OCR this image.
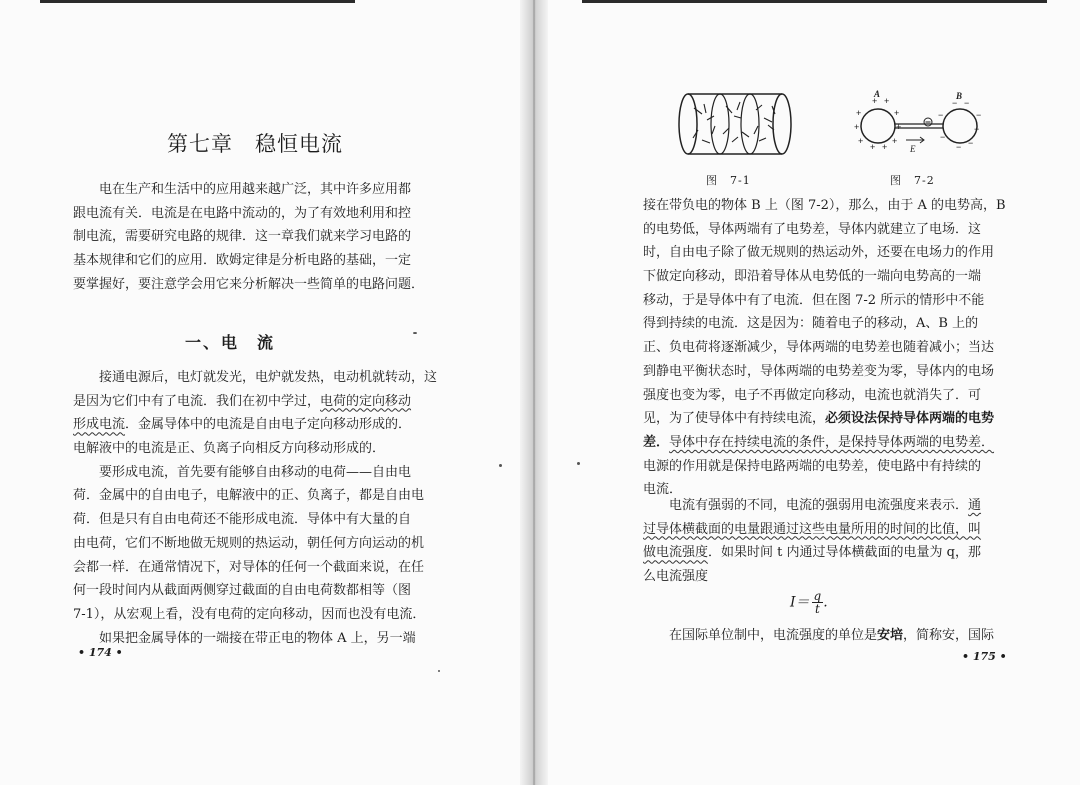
第七章　稳恒电流

电在生产和生活中的应用越来越广泛，其中许多应用都

跟电流有关．电流是在电路中流动的，为了有效地利用和控

制电流，需要研究电路的规律．这一章我们就来学习电路的

基本规律和它们的应用．欧姆定律是分析电路的基础，一定

要掌握好，要注意学会用它来分析解决一些简单的电路问题．

一、电　流

接通电源后，电灯就发光，电炉就发热，电动机就转动，这

是因为它们中有了电流．我们在初中学过，电荷的定向移动

形成电流．金属导体中的电流是自由电子定向移动形成的．

电解液中的电流是正、负离子向相反方向移动形成的．

要形成电流，首先要有能够自由移动的电荷——自由电

荷．金属中的自由电子，电解液中的正、负离子，都是自由电

荷．但是只有自由电荷还不能形成电流．导体中有大量的自

由电荷，它们不断地做无规则的热运动，朝任何方向运动的机

会都一样．在通常情况下，对导体的任何一个截面来说，在任

何一段时间内从截面两侧穿过截面的自由电荷数都相等（图

7-1），从宏观上看，没有电荷的定向移动，因而也没有电流．

如果把金属导体的一端接在带正电的物体 A 上，另一端

• 174 •

+ +
+	+
+	+
+	+
+ +
− −
−	−
−
−
− −
A	B
E

图　7-1	图　7-2

接在带负电的物体 B 上（图 7-2），那么，由于 A 的电势高，B

的电势低，导体两端有了电势差，导体内就建立了电场．这

时，自由电子除了做无规则的热运动外，还要在电场力的作用

下做定向移动，即沿着导体从电势低的一端向电势高的一端

移动，于是导体中有了电流．但在图 7-2 所示的情形中不能

得到持续的电流．这是因为：随着电子的移动，A、B 上的

正、负电荷将逐渐减少，导体两端的电势差也随着减小；当达

到静电平衡状态时，导体两端的电势差变为零，导体内的电场

强度也变为零，电子不再做定向移动，电流也就消失了．可

见，为了使导体中有持续电流，必须设法保持导体两端的电势

差．导体中存在持续电流的条件，是保持导体两端的电势差．

电源的作用就是保持电路两端的电势差，使电路中有持续的

电流．

电流有强弱的不同，电流的强弱用电流强度来表示．通

过导体横截面的电量跟通过这些电量所用的时间的比值，叫

做电流强度．如果时间 t 内通过导体横截面的电量为 q，那

么电流强度

$I= \frac{q}{t}$ .

在国际单位制中，电流强度的单位是安培，简称安，国际

• 175 •
